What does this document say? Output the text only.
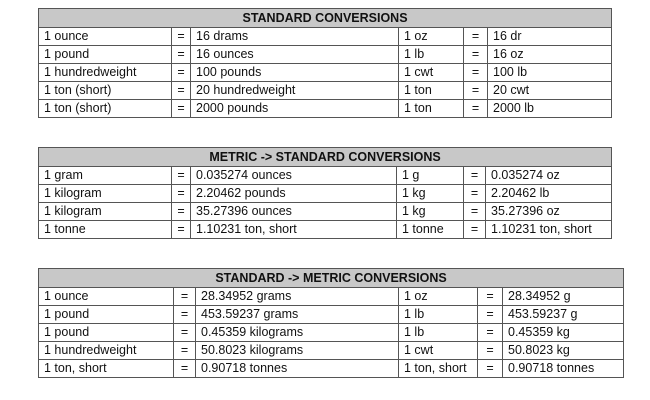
STANDARD CONVERSIONS					
1 ounce	=	16 drams	1 oz	=	16 dr
1 pound	=	16 ounces	1 lb	=	16 oz
1 hundredweight	=	100 pounds	1 cwt	=	100 lb
1 ton (short)	=	20 hundredweight	1 ton	=	20 cwt
1 ton (short)	=	2000 pounds	1 ton	=	2000 lb
METRIC -> STANDARD CONVERSIONS					
1 gram	=	0.035274 ounces	1 g	=	0.035274 oz
1 kilogram	=	2.20462 pounds	1 kg	=	2.20462 lb
1 kilogram	=	35.27396 ounces	1 kg	=	35.27396 oz
1 tonne	=	1.10231 ton, short	1 tonne	=	1.10231 ton, short
STANDARD -> METRIC CONVERSIONS					
1 ounce	=	28.34952 grams	1 oz	=	28.34952 g
1 pound	=	453.59237 grams	1 lb	=	453.59237 g
1 pound	=	0.45359 kilograms	1 lb	=	0.45359 kg
1 hundredweight	=	50.8023 kilograms	1 cwt	=	50.8023 kg
1 ton, short	=	0.90718 tonnes	1 ton, short	=	0.90718 tonnes
